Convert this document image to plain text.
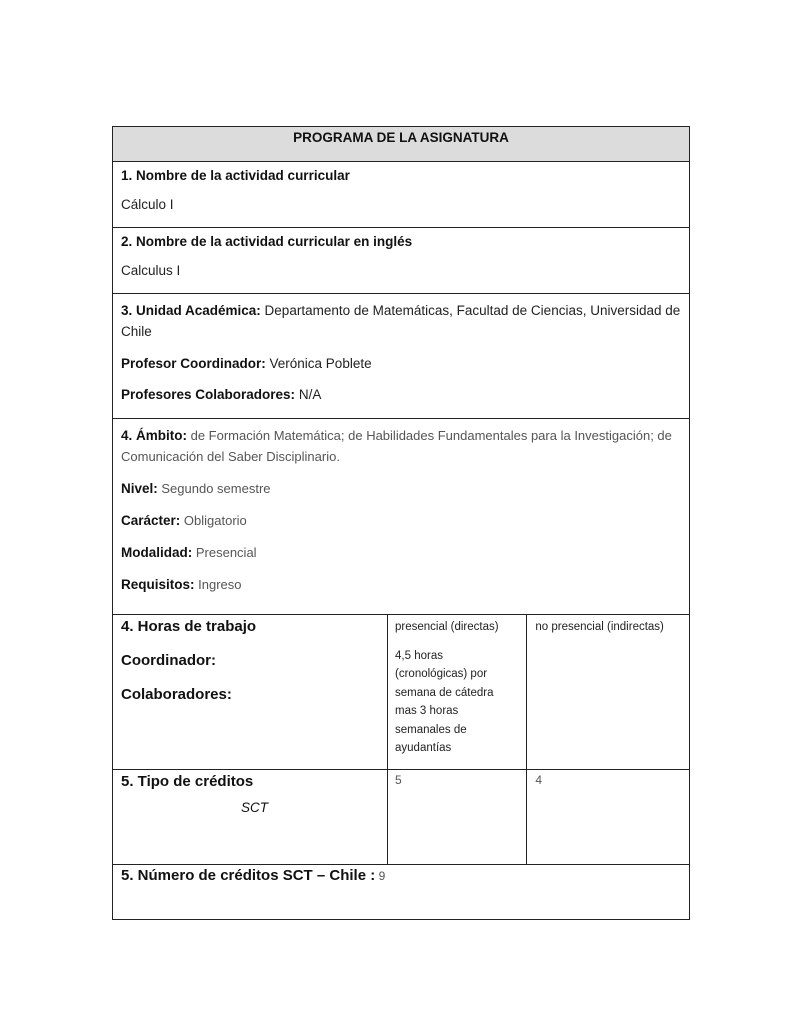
PROGRAMA DE LA ASIGNATURA

1. Nombre de la actividad curricular

Cálculo I

2. Nombre de la actividad curricular en inglés

Calculus I

3. Unidad Académica: Departamento de Matemáticas, Facultad de Ciencias, Universidad de Chile

Profesor Coordinador: Verónica Poblete

Profesores Colaboradores: N/A

4. Ámbito: de Formación Matemática; de Habilidades Fundamentales para la Investigación; de Comunicación del Saber Disciplinario.

Nivel: Segundo semestre

Carácter: Obligatorio

Modalidad: Presencial

Requisitos: Ingreso

4. Horas de trabajo

Coordinador:

Colaboradores:

presencial (directas)

4,5 horas

(cronológicas) por

semana de cátedra

mas 3 horas

semanales de

ayudantías

no presencial (indirectas)

5. Tipo de créditos

SCT

5	4

5. Número de créditos SCT – Chile : 9
